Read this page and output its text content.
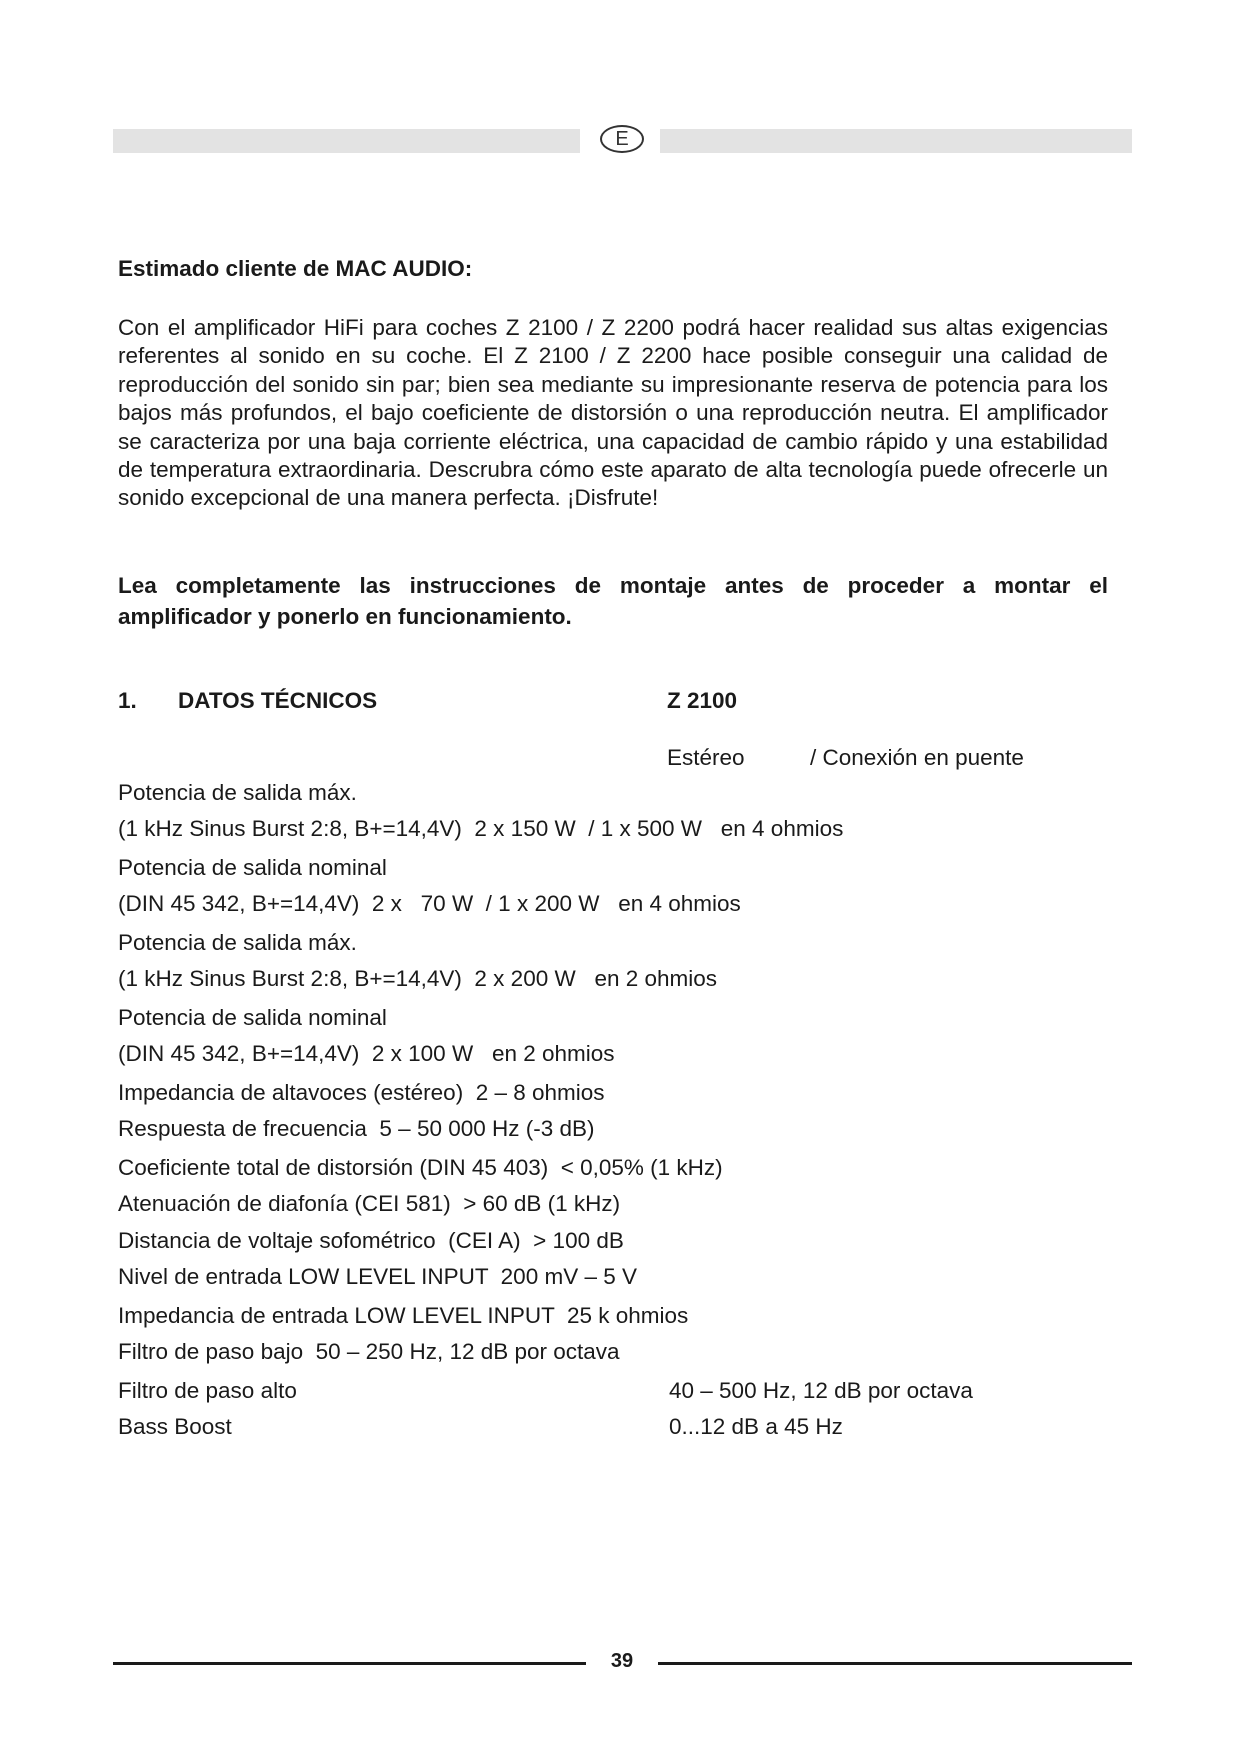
E
Estimado cliente de MAC AUDIO:

Con el amplificador HiFi para coches Z 2100 / Z 2200 podrá hacer realidad sus altas exigencias referentes al sonido en su coche. El Z 2100 / Z 2200 hace posible conseguir una calidad de reproducción del sonido sin par; bien sea mediante su impresionante reserva de potencia para los bajos más profundos, el bajo coeficiente de distorsión o una reproducción neutra. El amplificador se caracteriza por una baja corriente eléctrica, una capacidad de cambio rápido y una estabilidad de temperatura extraordinaria. Descrubra cómo este aparato de alta tecnología puede ofrecerle un sonido excepcional de una manera perfecta. ¡Disfrute!

Lea completamente las instrucciones de montaje antes de proceder a montar el amplificador y ponerlo en funcionamiento.

1. DATOS TÉCNICOS	Z 2100
Estéreo	/ Conexión en puente
Potencia de salida máx.
(1 kHz Sinus Burst 2:8, B+=14,4V)  2 x 150 W  / 1 x 500 W   en 4 ohmios
Potencia de salida nominal
(DIN 45 342, B+=14,4V)  2 x   70 W  / 1 x 200 W   en 4 ohmios
Potencia de salida máx.
(1 kHz Sinus Burst 2:8, B+=14,4V)  2 x 200 W   en 2 ohmios
Potencia de salida nominal
(DIN 45 342, B+=14,4V)  2 x 100 W   en 2 ohmios
Impedancia de altavoces (estéreo)  2 – 8 ohmios
Respuesta de frecuencia  5 – 50 000 Hz (-3 dB)
Coeficiente total de distorsión (DIN 45 403)  < 0,05% (1 kHz)
Atenuación de diafonía (CEI 581)  > 60 dB (1 kHz)
Distancia de voltaje sofométrico  (CEI A)  > 100 dB
Nivel de entrada LOW LEVEL INPUT  200 mV – 5 V
Impedancia de entrada LOW LEVEL INPUT  25 k ohmios
Filtro de paso bajo  50 – 250 Hz, 12 dB por octava
Filtro de paso alto	40 – 500 Hz, 12 dB por octava
Bass Boost	0...12 dB a 45 Hz
39
